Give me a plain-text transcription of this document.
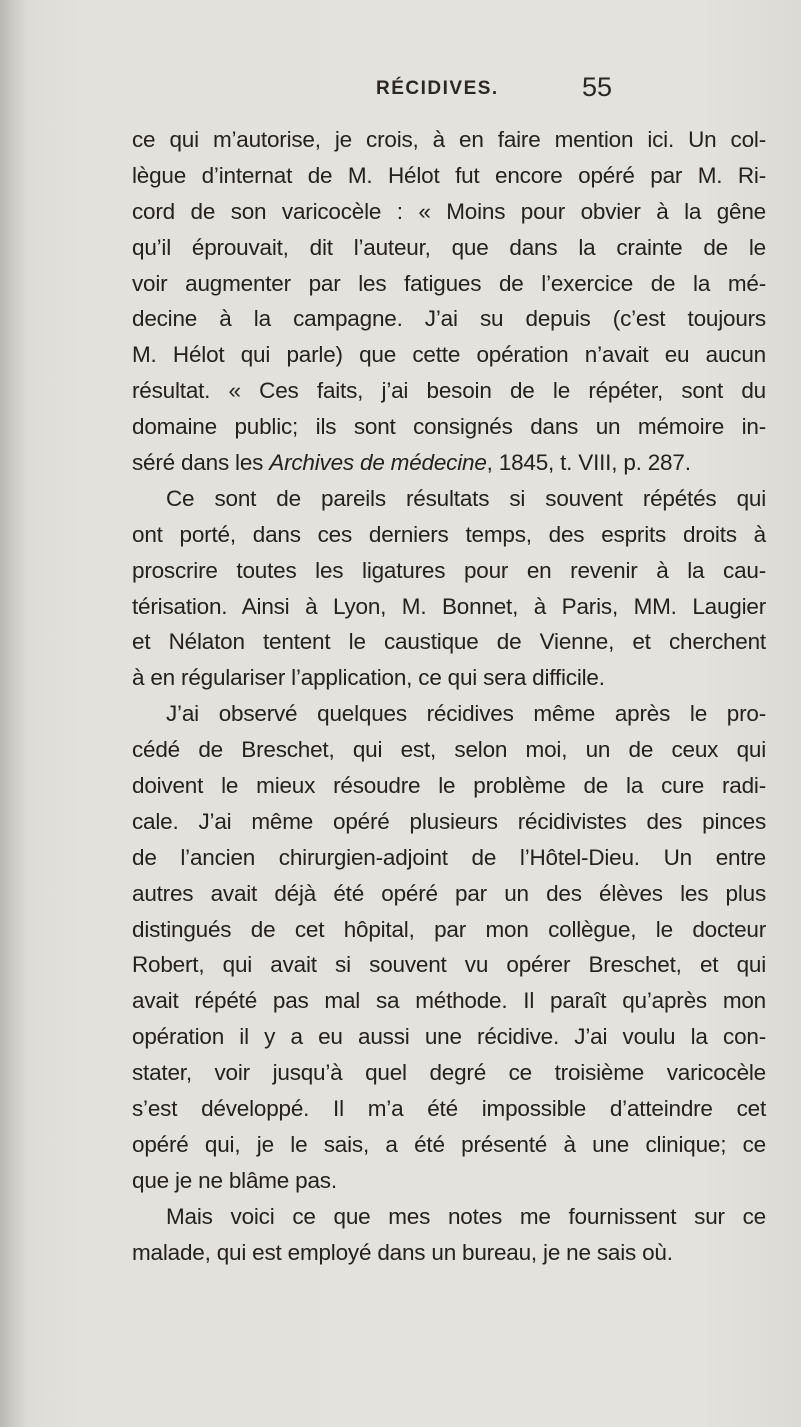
RÉCIDIVES.	55
ce qui m’autorise, je crois, à en faire mention ici. Un col-
lègue d’internat de M. Hélot fut encore opéré par M. Ri-
cord de son varicocèle : « Moins pour obvier à la gêne
qu’il éprouvait, dit l’auteur, que dans la crainte de le
voir augmenter par les fatigues de l’exercice de la mé-
decine à la campagne. J’ai su depuis (c’est toujours
M. Hélot qui parle) que cette opération n’avait eu aucun
résultat. « Ces faits, j’ai besoin de le répéter, sont du
domaine public; ils sont consignés dans un mémoire in-
séré dans les Archives de médecine, 1845, t. VIII, p. 287.
Ce sont de pareils résultats si souvent répétés qui
ont porté, dans ces derniers temps, des esprits droits à
proscrire toutes les ligatures pour en revenir à la cau-
térisation. Ainsi à Lyon, M. Bonnet, à Paris, MM. Laugier
et Nélaton tentent le caustique de Vienne, et cherchent
à en régulariser l’application, ce qui sera difficile.
J’ai observé quelques récidives même après le pro-
cédé de Breschet, qui est, selon moi, un de ceux qui
doivent le mieux résoudre le problème de la cure radi-
cale. J’ai même opéré plusieurs récidivistes des pinces
de l’ancien chirurgien-adjoint de l’Hôtel-Dieu. Un entre
autres avait déjà été opéré par un des élèves les plus
distingués de cet hôpital, par mon collègue, le docteur
Robert, qui avait si souvent vu opérer Breschet, et qui
avait répété pas mal sa méthode. Il paraît qu’après mon
opération il y a eu aussi une récidive. J’ai voulu la con-
stater, voir jusqu’à quel degré ce troisième varicocèle
s’est développé. Il m’a été impossible d’atteindre cet
opéré qui, je le sais, a été présenté à une clinique; ce
que je ne blâme pas.
Mais voici ce que mes notes me fournissent sur ce
malade, qui est employé dans un bureau, je ne sais où.
